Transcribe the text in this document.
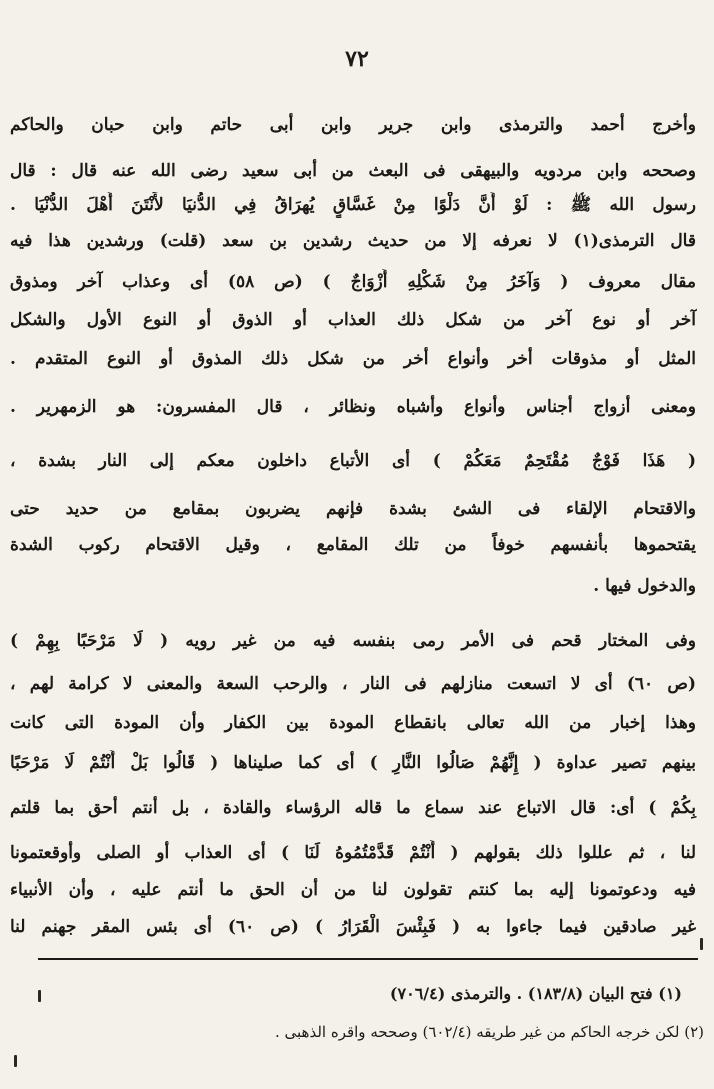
٧٢
وأخرج أحمد والترمذى وابن جرير وابن أبى حاتم وابن حبان والحاكم
وصححه وابن مردويه والبيهقى فى البعث من أبى سعيد رضى الله عنه قال : قال
رسول الله ﷺ : لَوْ أَنَّ دَلْوًا مِنْ غَسَّاقٍ يُهرَاقُ فِي الدُّنيَا لأَنْتَنَ أَهْلَ الدُّنْيَا .
قال الترمذى(١) لا نعرفه إلا من حديث رشدين بن سعد (قلت) ورشدين هذا فيه
مقال معروف ( وَآخَرُ مِنْ شَكْلِهِ أَزْوَاجٌ ) (ص ٥٨) أى وعذاب آخر ومذوق
آخر أو نوع آخر من شكل ذلك العذاب أو الذوق أو النوع الأول والشكل
المثل أو مذوقات أخر وأنواع أخر من شكل ذلك المذوق أو النوع المتقدم .
ومعنى أزواج أجناس وأنواع وأشباه ونظائر ، قال المفسرون: هو الزمهرير .
( هَذَا فَوْجٌ مُقْتَحِمٌ مَعَكُمْ ) أى الأتباع داخلون معكم إلى النار بشدة ،
والاقتحام الإلقاء فى الشئ بشدة فإنهم يضربون بمقامع من حديد حتى
يقتحموها بأنفسهم خوفاً من تلك المقامع ، وقيل الاقتحام ركوب الشدة
والدخول فيها .
وفى المختار قحم فى الأمر رمى بنفسه فيه من غير رويه ( لَا مَرْحَبًا بِهِمْ )
(ص ٦٠) أى لا اتسعت منازلهم فى النار ، والرحب السعة والمعنى لا كرامة لهم ،
وهذا إخبار من الله تعالى بانقطاع المودة بين الكفار وأن المودة التى كانت
بينهم تصير عداوة ( إِنَّهُمْ صَالُوا النَّارِ ) أى كما صليناها ( قَالُوا بَلْ أَنْتُمْ لَا مَرْحَبًا
بِكُمْ ) أى: قال الاتباع عند سماع ما قاله الرؤساء والقادة ، بل أنتم أحق بما قلتم
لنا ، ثم عللوا ذلك بقولهم ( أَنْتُمْ قَدَّمْتُمُوهُ لَنَا ) أى العذاب أو الصلى وأوقعتمونا
فيه ودعوتمونا إليه بما كنتم تقولون لنا من أن الحق ما أنتم عليه ، وأن الأنبياء
غير صادقين فيما جاءوا به ( فَبِئْسَ الْقَرَارُ ) (ص ٦٠) أى بئس المقر جهنم لنا
(١) فتح البيان (١٨٣/٨) . والترمذى (٧٠٦/٤)
(٢) لكن خرجه الحاكم من غير طريقه (٦٠٢/٤) وصححه واقره الذهبى .
